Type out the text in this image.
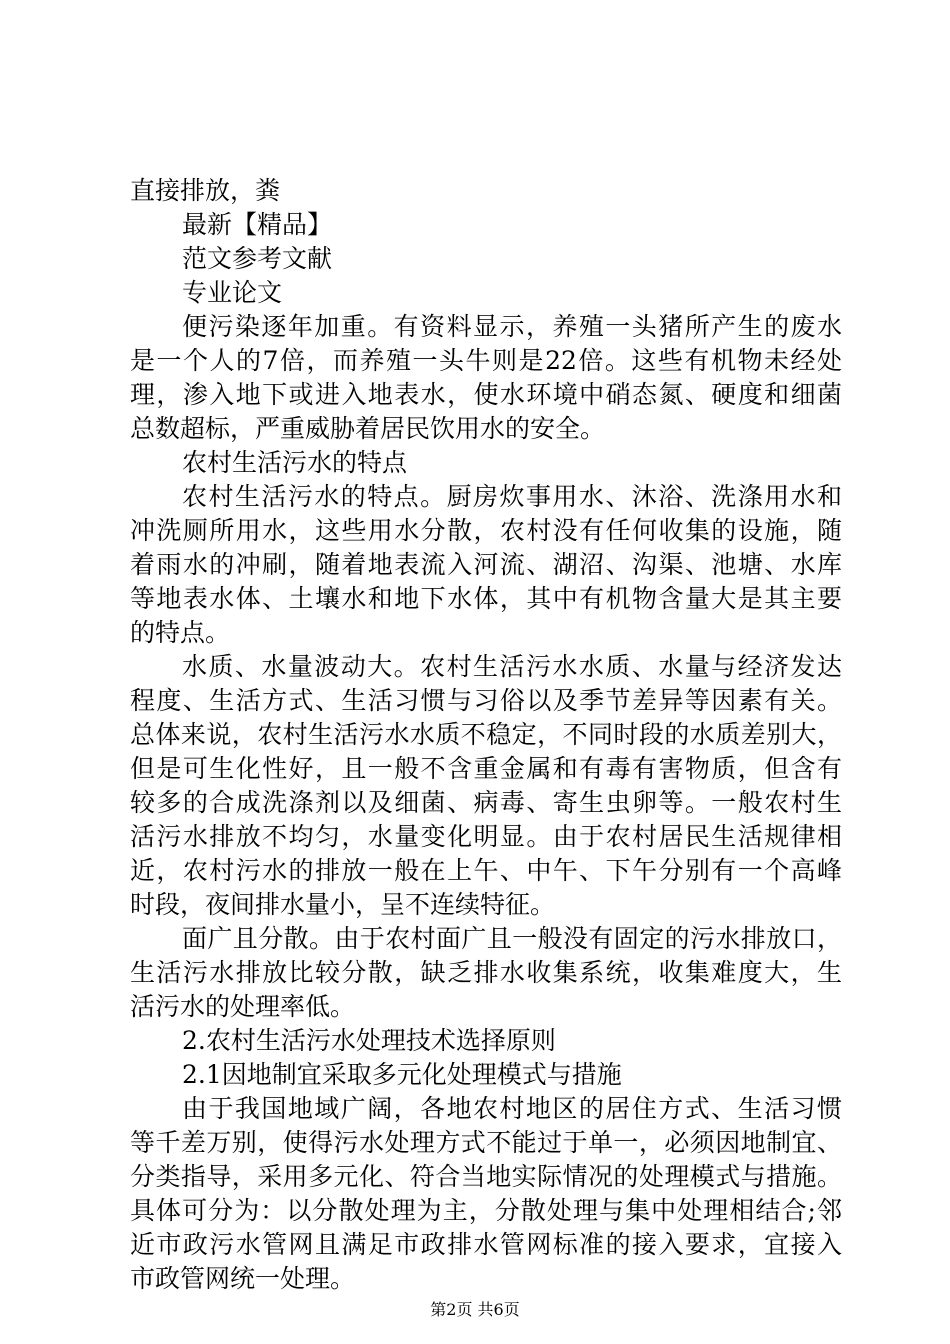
直接排放，粪
最新【精品】
范文参考文献
专业论文
便污染逐年加重。有资料显示，养殖一头猪所产生的废水
是一个人的7倍，而养殖一头牛则是22倍。这些有机物未经处
理，渗入地下或进入地表水，使水环境中硝态氮、硬度和细菌
总数超标，严重威胁着居民饮用水的安全。
农村生活污水的特点
农村生活污水的特点。厨房炊事用水、沐浴、洗涤用水和
冲洗厕所用水，这些用水分散，农村没有任何收集的设施，随
着雨水的冲刷，随着地表流入河流、湖沼、沟渠、池塘、水库
等地表水体、土壤水和地下水体，其中有机物含量大是其主要
的特点。
水质、水量波动大。农村生活污水水质、水量与经济发达
程度、生活方式、生活习惯与习俗以及季节差异等因素有关。
总体来说，农村生活污水水质不稳定，不同时段的水质差别大，
但是可生化性好，且一般不含重金属和有毒有害物质，但含有
较多的合成洗涤剂以及细菌、病毒、寄生虫卵等。一般农村生
活污水排放不均匀，水量变化明显。由于农村居民生活规律相
近，农村污水的排放一般在上午、中午、下午分别有一个高峰
时段，夜间排水量小，呈不连续特征。
面广且分散。由于农村面广且一般没有固定的污水排放口，
生活污水排放比较分散，缺乏排水收集系统，收集难度大，生
活污水的处理率低。
2.农村生活污水处理技术选择原则
2.1因地制宜采取多元化处理模式与措施
由于我国地域广阔，各地农村地区的居住方式、生活习惯
等千差万别，使得污水处理方式不能过于单一，必须因地制宜、
分类指导，采用多元化、符合当地实际情况的处理模式与措施。
具体可分为：以分散处理为主，分散处理与集中处理相结合;邻
近市政污水管网且满足市政排水管网标准的接入要求，宜接入
市政管网统一处理。
第2页 共6页
